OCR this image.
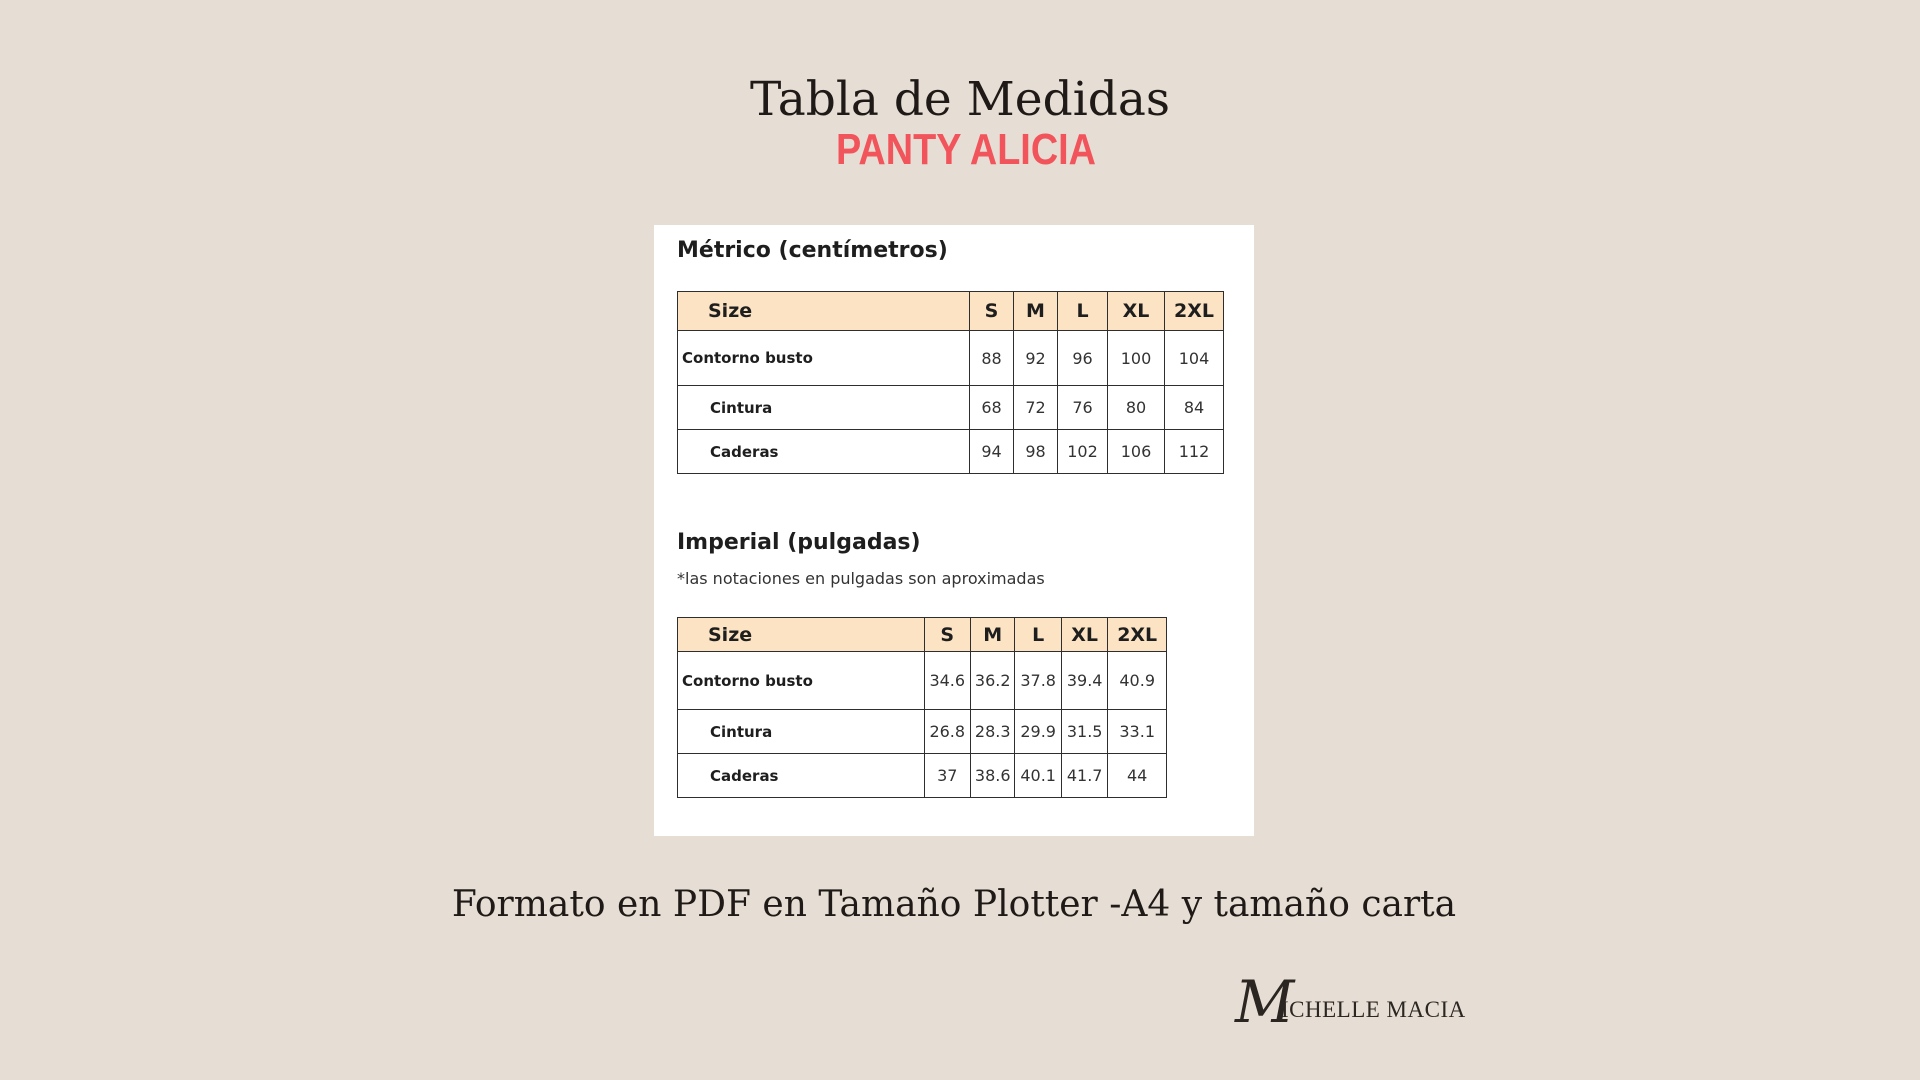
Tabla de Medidas
PANTY ALICIA
Métrico (centímetros)
Size	S	M	L	XL	2XL
Contorno busto	88	92	96	100	104
Cintura	68	72	76	80	84
Caderas	94	98	102	106	112
Imperial (pulgadas)
*las notaciones en pulgadas son aproximadas
Size	S	M	L	XL	2XL
Contorno busto	34.6	36.2	37.8	39.4	40.9
Cintura	26.8	28.3	29.9	31.5	33.1
Caderas	37	38.6	40.1	41.7	44
Formato en PDF en Tamaño Plotter -A4 y tamaño carta
M
ICHELLE MACIA
